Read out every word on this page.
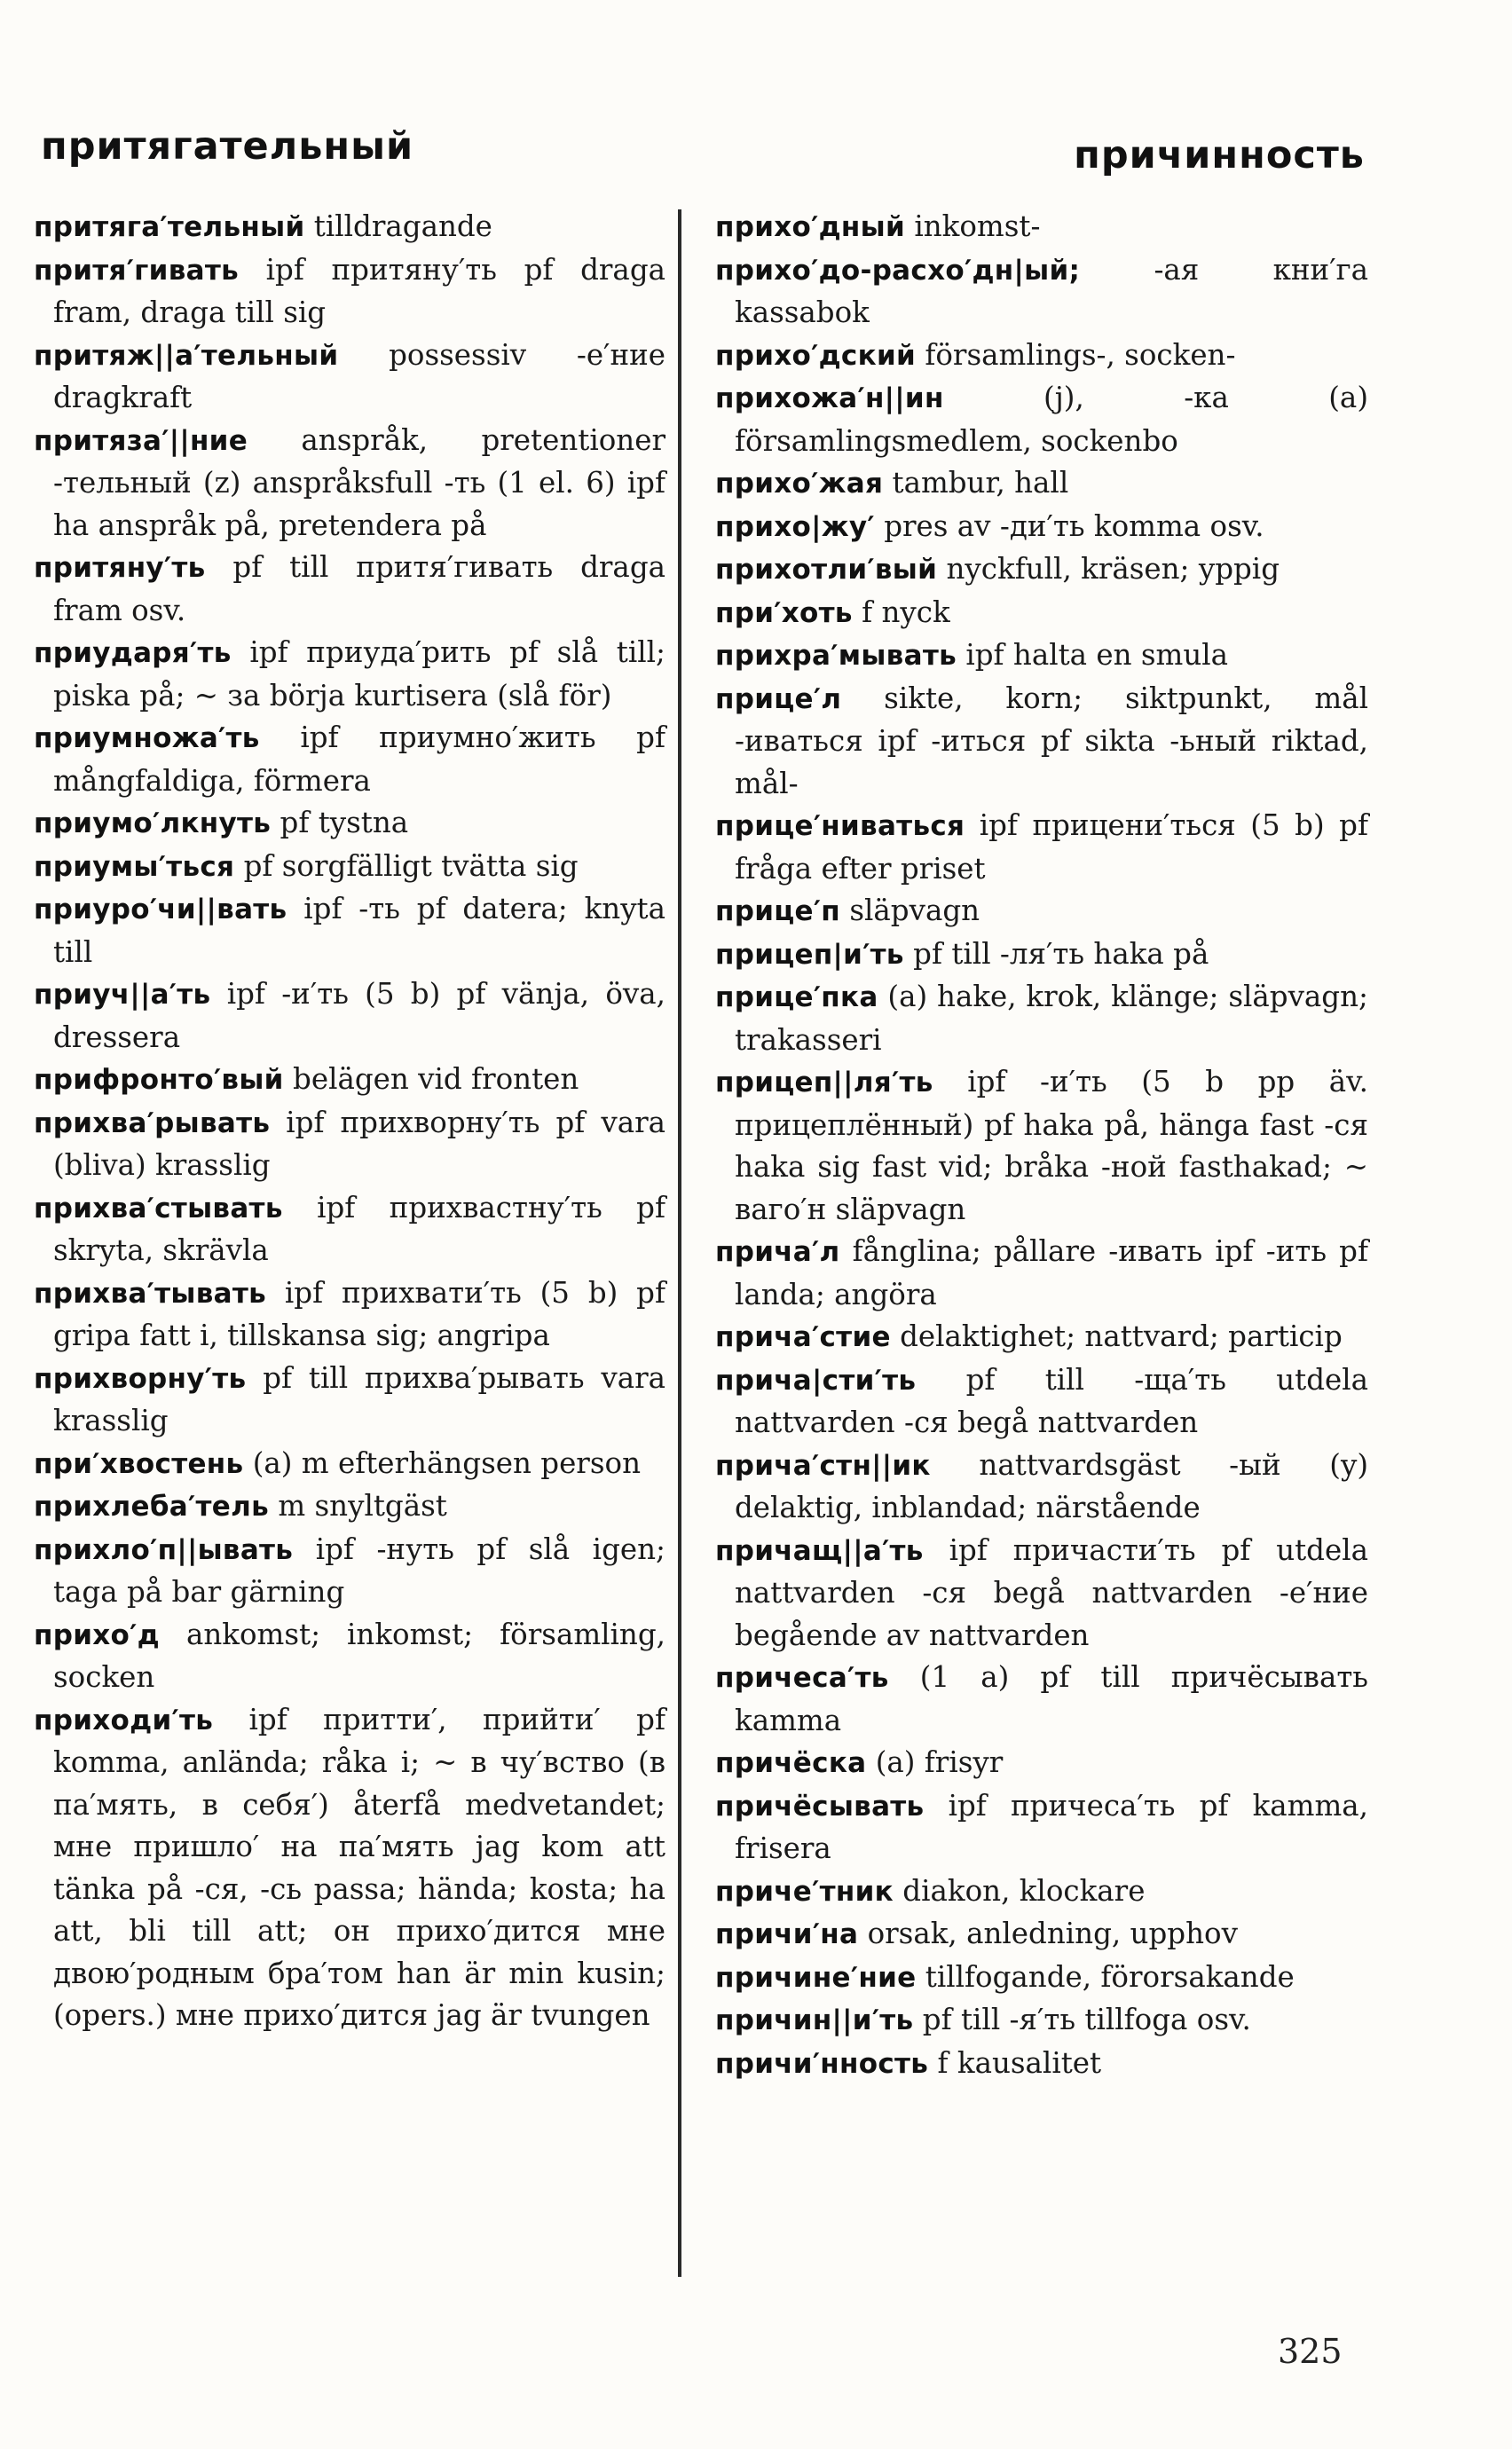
притягательный	причинность
притяга′тельный tilldragande
притя′гивать ipf притяну′ть pf draga fram, draga till sig
притяж||а′тельный possessiv -е′ние dragkraft
притяза′||ние anspråk, pretentioner -тельный (z) anspråksfull -ть (1 el. 6) ipf ha anspråk på, pretendera på
притяну′ть pf till притя′гивать draga fram osv.
приударя′ть ipf приуда′рить pf slå till; piska på; ~ за börja kurtisera (slå för)
приумножа′ть ipf приумно′жить pf mångfaldiga, förmera
приумо′лкнуть pf tystna
приумы′ться pf sorgfälligt tvätta sig
приуро′чи||вать ipf -ть pf datera; knyta till
приуч||а′ть ipf -и′ть (5 b) pf vänja, öva, dressera
прифронто′вый belägen vid fronten
прихва′рывать ipf прихворну′ть pf vara (bliva) krasslig
прихва′стывать ipf прихвастну′ть pf skryta, skrävla
прихва′тывать ipf прихвати′ть (5 b) pf gripa fatt i, tillskansa sig; angripa
прихворну′ть pf till прихва′рывать vara krasslig
при′хвостень (a) m efterhängsen person
прихлеба′тель m snyltgäst
прихло′п||ывать ipf -нуть pf slå igen; taga på bar gärning
прихо′д ankomst; inkomst; församling, socken
приходи′ть ipf притти′, прийти′ pf komma, anlända; råka i; ~ в чу′вство (в па′мять, в себя′) återfå medvetandet; мне пришло′ на па′мять jag kom att tänka på -ся, -сь passa; hända; kosta; ha att, bli till att; он прихо′дится мне двою′родным бра′том han är min kusin; (opers.) мне прихо′дится jag är tvungen
прихо′дный inkomst-
прихо′до-расхо′дн|ый; -ая кни′га kassabok
прихо′дский församlings-, socken-
прихожа′н||ин (j), -ка (a) församlingsmedlem, sockenbo
прихо′жая tambur, hall
прихо|жу′ pres av -ди′ть komma osv.
прихотли′вый nyckfull, kräsen; yppig
при′хоть f nyck
прихра′мывать ipf halta en smula
прице′л sikte, korn; siktpunkt, mål -иваться ipf -иться pf sikta -ьный riktad, mål-
прице′ниваться ipf прицени′ться (5 b) pf fråga efter priset
прице′п släpvagn
прицеп|и′ть pf till -ля′ть haka på
прице′пка (a) hake, krok, klänge; släpvagn; trakasseri
прицеп||ля′ть ipf -и′ть (5 b pp äv. прицеплённый) pf haka på, hänga fast -ся haka sig fast vid; bråka -ной fasthakad; ~ ваго′н släpvagn
прича′л fånglina; pållare -ивать ipf -ить pf landa; angöra
прича′стие delaktighet; nattvard; particip
прича|сти′ть pf till -ща′ть utdela nattvarden -ся begå nattvarden
прича′стн||ик nattvardsgäst -ый (y) delaktig, inblandad; närstående
причащ||а′ть ipf причасти′ть pf utdela nattvarden -ся begå nattvarden -е′ние begående av nattvarden
причеса′ть (1 a) pf till причёсывать kamma
причёска (a) frisyr
причёсывать ipf причеса′ть pf kamma, frisera
приче′тник diakon, klockare
причи′на orsak, anledning, upphov
причине′ние tillfogande, förorsakande
причин||и′ть pf till -я′ть tillfoga osv.
причи′нность f kausalitet
325
